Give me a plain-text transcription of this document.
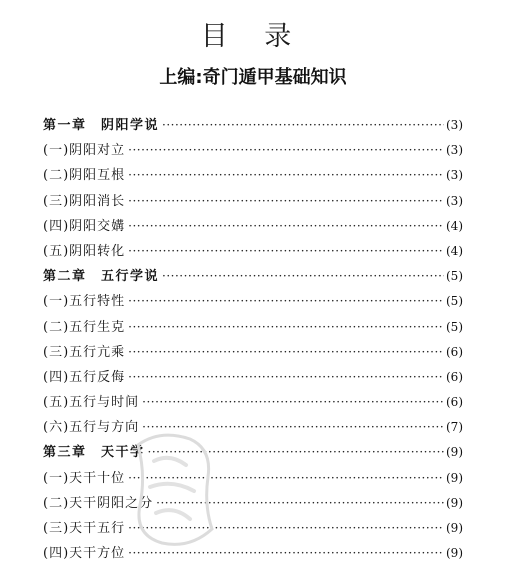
目 录
上编:奇门遁甲基础知识
第一章　阴阳学说 ·····	(3)
(一)阴阳对立 ·····	(3)
(二)阴阳互根 ·····	(3)
(三)阴阳消长 ·····	(3)
(四)阴阳交媾 ·····	(4)
(五)阴阳转化 ·····	(4)
第二章　五行学说 ·····	(5)
(一)五行特性 ·····	(5)
(二)五行生克 ·····	(5)
(三)五行亢乘 ·····	(6)
(四)五行反侮 ·····	(6)
(五)五行与时间 ·····	(6)
(六)五行与方向 ·····	(7)
第三章　天干学 ·····	(9)
(一)天干十位 ·····	(9)
(二)天干阴阳之分 ·····	(9)
(三)天干五行 ·····	(9)
(四)天干方位 ·····	(9)
